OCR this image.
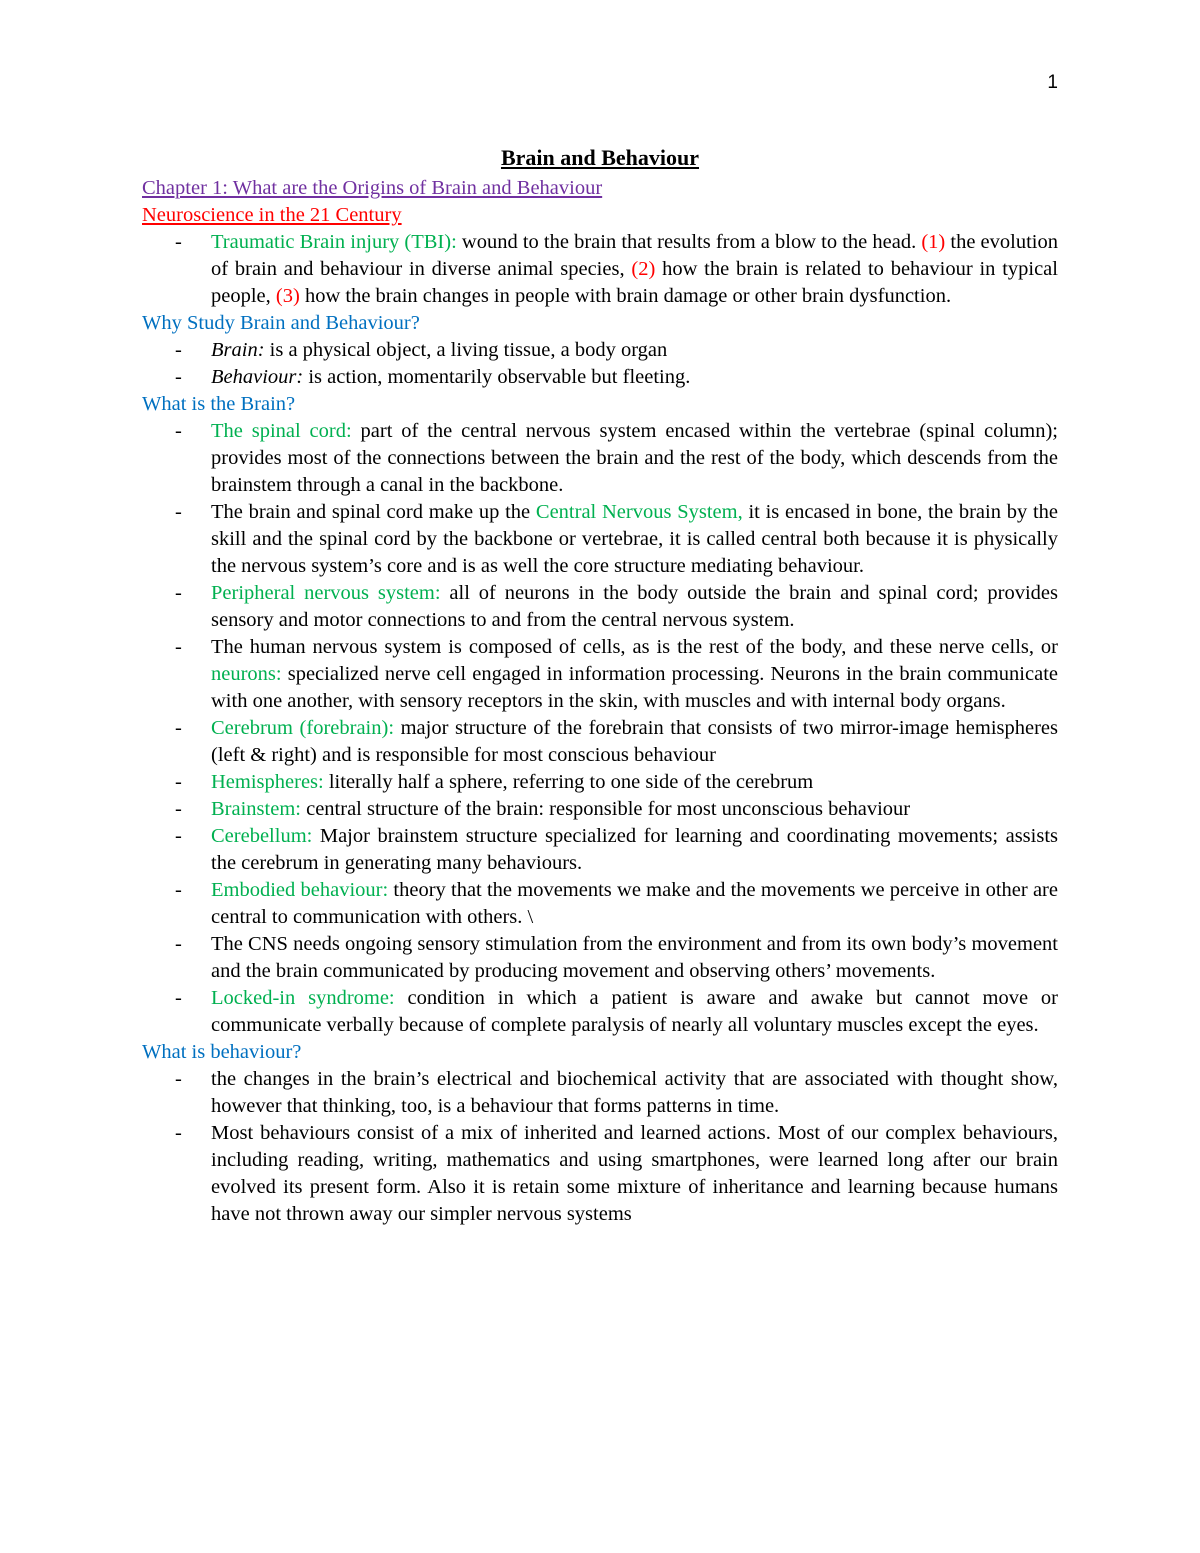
1
Brain and Behaviour
Chapter 1: What are the Origins of Brain and Behaviour
Neuroscience in the 21 Century
- Traumatic Brain injury (TBI): wound to the brain that results from a blow to the head. (1) the evolution of brain and behaviour in diverse animal species, (2) how the brain is related to behaviour in typical people, (3) how the brain changes in people with brain damage or other brain dysfunction.
Why Study Brain and Behaviour?
- Brain: is a physical object, a living tissue, a body organ
- Behaviour: is action, momentarily observable but fleeting.
What is the Brain?
- The spinal cord: part of the central nervous system encased within the vertebrae (spinal column); provides most of the connections between the brain and the rest of the body, which descends from the brainstem through a canal in the backbone.
- The brain and spinal cord make up the Central Nervous System, it is encased in bone, the brain by the skill and the spinal cord by the backbone or vertebrae, it is called central both because it is physically the nervous system’s core and is as well the core structure mediating behaviour.
- Peripheral nervous system: all of neurons in the body outside the brain and spinal cord; provides sensory and motor connections to and from the central nervous system.
- The human nervous system is composed of cells, as is the rest of the body, and these nerve cells, or neurons: specialized nerve cell engaged in information processing. Neurons in the brain communicate with one another, with sensory receptors in the skin, with muscles and with internal body organs.
- Cerebrum (forebrain): major structure of the forebrain that consists of two mirror-image hemispheres (left & right) and is responsible for most conscious behaviour
- Hemispheres: literally half a sphere, referring to one side of the cerebrum
- Brainstem: central structure of the brain: responsible for most unconscious behaviour
- Cerebellum: Major brainstem structure specialized for learning and coordinating movements; assists the cerebrum in generating many behaviours.
- Embodied behaviour: theory that the movements we make and the movements we perceive in other are central to communication with others. \
- The CNS needs ongoing sensory stimulation from the environment and from its own body’s movement and the brain communicated by producing movement and observing others’ movements.
- Locked-in syndrome: condition in which a patient is aware and awake but cannot move or communicate verbally because of complete paralysis of nearly all voluntary muscles except the eyes.
What is behaviour?
- the changes in the brain’s electrical and biochemical activity that are associated with thought show, however that thinking, too, is a behaviour that forms patterns in time.
- Most behaviours consist of a mix of inherited and learned actions. Most of our complex behaviours, including reading, writing, mathematics and using smartphones, were learned long after our brain evolved its present form. Also it is retain some mixture of inheritance and learning because humans have not thrown away our simpler nervous systems
